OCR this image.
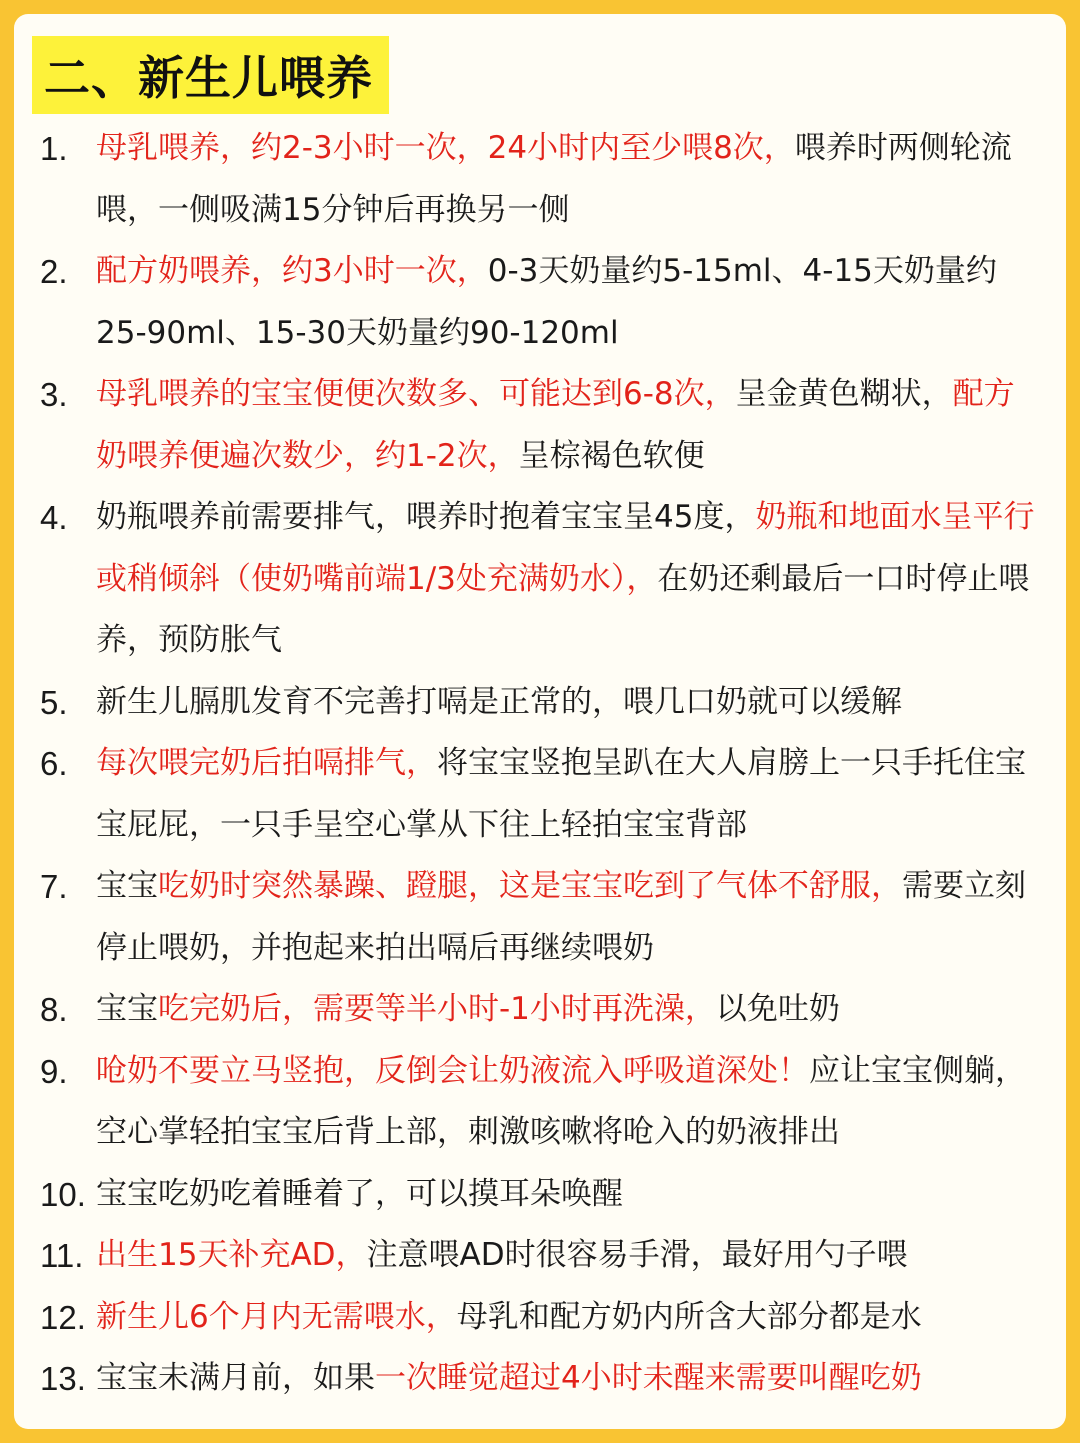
二、新生儿喂养
1. 母乳喂养，约2-3小时一次，24小时内至少喂8次，喂养时两侧轮流喂，一侧吸满15分钟后再换另一侧
2. 配方奶喂养，约3小时一次，0-3天奶量约5-15ml、4-15天奶量约25-90ml、15-30天奶量约90-120ml
3. 母乳喂养的宝宝便便次数多、可能达到6-8次，呈金黄色糊状，配方奶喂养便遍次数少，约1-2次，呈棕褐色软便
4. 奶瓶喂养前需要排气，喂养时抱着宝宝呈45度，奶瓶和地面水呈平行或稍倾斜（使奶嘴前端1/3处充满奶水），在奶还剩最后一口时停止喂养，预防胀气
5. 新生儿膈肌发育不完善打嗝是正常的，喂几口奶就可以缓解
6. 每次喂完奶后拍嗝排气，将宝宝竖抱呈趴在大人肩膀上一只手托住宝宝屁屁，一只手呈空心掌从下往上轻拍宝宝背部
7. 宝宝吃奶时突然暴躁、蹬腿，这是宝宝吃到了气体不舒服，需要立刻停止喂奶，并抱起来拍出嗝后再继续喂奶
8. 宝宝吃完奶后，需要等半小时-1小时再洗澡，以免吐奶
9. 呛奶不要立马竖抱，反倒会让奶液流入呼吸道深处！应让宝宝侧躺，空心掌轻拍宝宝后背上部，刺激咳嗽将呛入的奶液排出
10. 宝宝吃奶吃着睡着了，可以摸耳朵唤醒
11. 出生15天补充AD，注意喂AD时很容易手滑，最好用勺子喂
12. 新生儿6个月内无需喂水，母乳和配方奶内所含大部分都是水
13. 宝宝未满月前，如果一次睡觉超过4小时未醒来需要叫醒吃奶
